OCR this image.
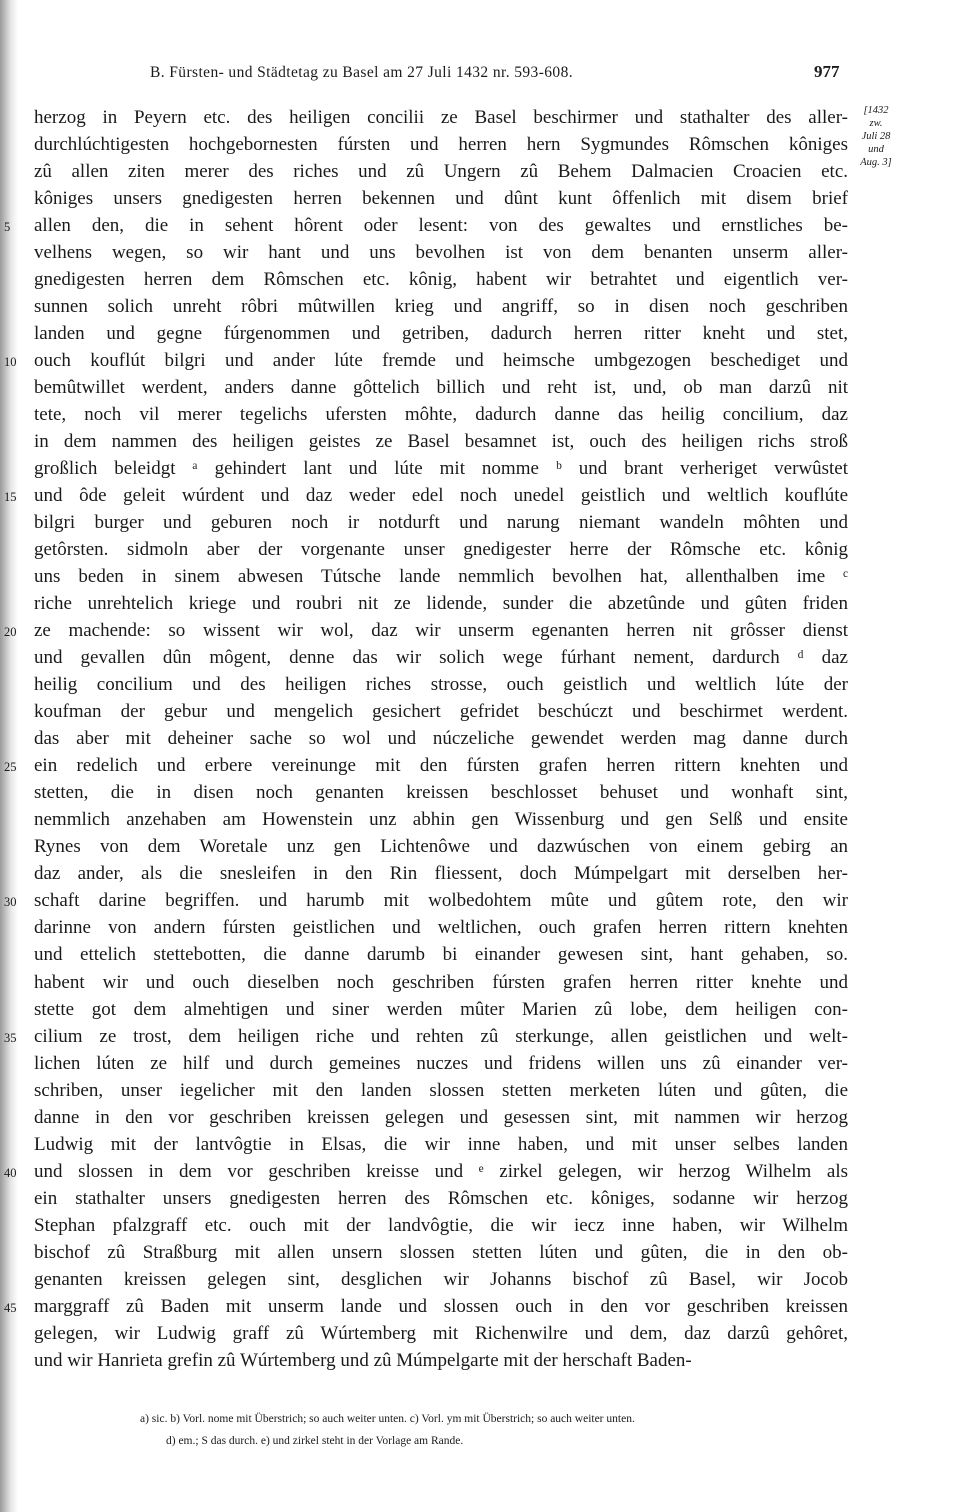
B. Fürsten- und Städtetag zu Basel am 27 Juli 1432 nr. 593-608.	977
[1432
zw.
Juli 28
und
Aug. 3]
herzog in Peyern etc. des heiligen concilii ze Basel beschirmer und stathalter des aller-
durchlúchtigesten hochgebornesten fúrsten und herren hern Sygmundes Rômschen kôniges
zû allen ziten merer des riches und zû Ungern zû Behem Dalmacien Croacien etc.
kôniges unsers gnedigesten herren bekennen und dûnt kunt ôffenlich mit disem brief
5	allen den, die in sehent hôrent oder lesent: von des gewaltes und ernstliches be-
velhens wegen, so wir hant und uns bevolhen ist von dem benanten unserm aller-
gnedigesten herren dem Rômschen etc. kônig, habent wir betrahtet und eigentlich ver-
sunnen solich unreht rôbri mûtwillen krieg und angriff, so in disen noch geschriben
landen und gegne fúrgenommen und getriben, dadurch herren ritter kneht und stet,
10 ouch kouflút bilgri und ander lúte fremde und heimsche umbgezogen beschediget und
bemûtwillet werdent, anders danne gôttelich billich und reht ist, und, ob man darzû nit
tete, noch vil merer tegelichs ufersten môhte, dadurch danne das heilig concilium, daz
in dem nammen des heiligen geistes ze Basel besamnet ist, ouch des heiligen richs stroß
großlich beleidgt ᵃ gehindert lant und lúte mit nomme ᵇ und brant verheriget verwûstet
15 und ôde geleit wúrdent und daz weder edel noch unedel geistlich und weltlich kouflúte
bilgri burger und geburen noch ir notdurft und narung niemant wandeln môhten und
getôrsten. sidmoln aber der vorgenante unser gnedigester herre der Rômsche etc. kônig
uns beden in sinem abwesen Tútsche lande nemmlich bevolhen hat, allenthalben ime ᶜ
riche unrehtelich kriege und roubri nit ze lidende, sunder die abzetûnde und gûten friden
20 ze machende: so wissent wir wol, daz wir unserm egenanten herren nit grôsser dienst
und gevallen dûn môgent, denne das wir solich wege fúrhant nement, dardurch ᵈ daz
heilig concilium und des heiligen riches strosse, ouch geistlich und weltlich lúte der
koufman der gebur und mengelich gesichert gefridet beschúczt und beschirmet werdent.
das aber mit deheiner sache so wol und núczeliche gewendet werden mag danne durch
25 ein redelich und erbere vereinunge mit den fúrsten grafen herren rittern knehten und
stetten, die in disen noch genanten kreissen beschlosset behuset und wonhaft sint,
nemmlich anzehaben am Howenstein unz abhin gen Wissenburg und gen Selß und ensite
Rynes von dem Woretale unz gen Lichtenôwe und dazwúschen von einem gebirg an
daz ander, als die snesleifen in den Rin fliessent, doch Múmpelgart mit derselben her-
30 schaft darine begriffen. und harumb mit wolbedohtem mûte und gûtem rote, den wir
darinne von andern fúrsten geistlichen und weltlichen, ouch grafen herren rittern knehten
und ettelich stettebotten, die danne darumb bi einander gewesen sint, hant gehaben, so.
habent wir und ouch dieselben noch geschriben fúrsten grafen herren ritter knehte und
stette got dem almehtigen und siner werden mûter Marien zû lobe, dem heiligen con-
35 cilium ze trost, dem heiligen riche und rehten zû sterkunge, allen geistlichen und welt-
lichen lúten ze hilf und durch gemeines nuczes und fridens willen uns zû einander ver-
schriben, unser iegelicher mit den landen slossen stetten merketen lúten und gûten, die
danne in den vor geschriben kreissen gelegen und gesessen sint, mit nammen wir herzog
Ludwig mit der lantvôgtie in Elsas, die wir inne haben, und mit unser selbes landen
40 und slossen in dem vor geschriben kreisse und ᵉ zirkel gelegen, wir herzog Wilhelm als
ein stathalter unsers gnedigesten herren des Rômschen etc. kôniges, sodanne wir herzog
Stephan pfalzgraff etc. ouch mit der landvôgtie, die wir iecz inne haben, wir Wilhelm
bischof zû Straßburg mit allen unsern slossen stetten lúten und gûten, die in den ob-
genanten kreissen gelegen sint, desglichen wir Johanns bischof zû Basel, wir Jocob
45 marggraff zû Baden mit unserm lande und slossen ouch in den vor geschriben kreissen
gelegen, wir Ludwig graff zû Wúrtemberg mit Richenwilre und dem, daz darzû gehôret,
und wir Hanrieta grefin zû Wúrtemberg und zû Múmpelgarte mit der herschaft Baden-
a) sic. b) Vorl. nome mit Überstrich; so auch weiter unten. c) Vorl. ym mit Überstrich; so auch weiter unten.
d) em.; S das durch. e) und zirkel steht in der Vorlage am Rande.
